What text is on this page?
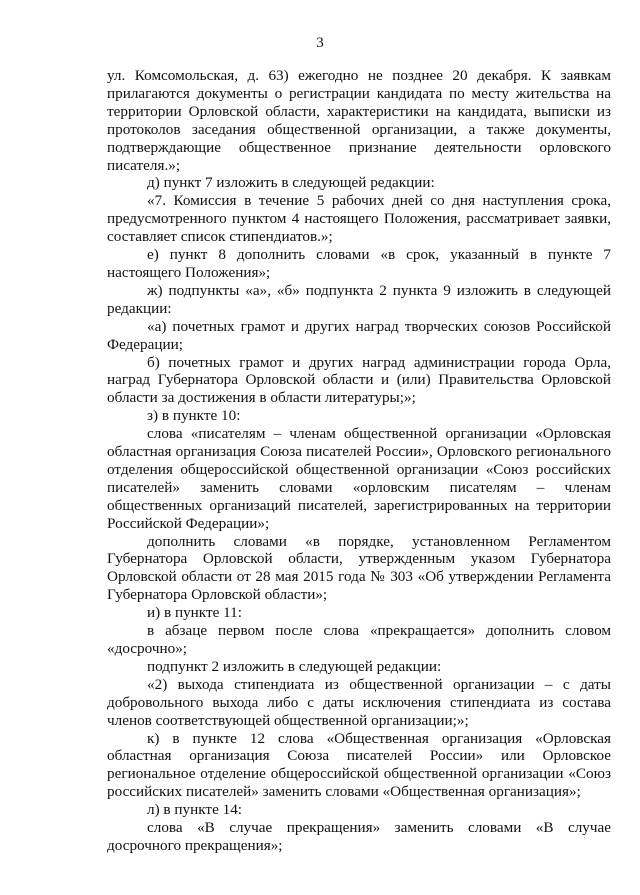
3

ул. Комсомольская, д. 63) ежегодно не позднее 20 декабря. К заявкам прилагаются документы о регистрации кандидата по месту жительства на территории Орловской области, характеристики на кандидата, выписки из протоколов заседания общественной организации, а также документы, подтверждающие общественное признание деятельности орловского писателя.»;

д) пункт 7 изложить в следующей редакции:

«7. Комиссия в течение 5 рабочих дней со дня наступления срока, предусмотренного пунктом 4 настоящего Положения, рассматривает заявки, составляет список стипендиатов.»;

е) пункт 8 дополнить словами «в срок, указанный в пункте 7 настоящего Положения»;

ж) подпункты «а», «б» подпункта 2 пункта 9 изложить в следующей редакции:

«а) почетных грамот и других наград творческих союзов Российской Федерации;

б) почетных грамот и других наград администрации города Орла, наград Губернатора Орловской области и (или) Правительства Орловской области за достижения в области литературы;»;

з) в пункте 10:

слова «писателям – членам общественной организации «Орловская областная организация Союза писателей России», Орловского регионального отделения общероссийской общественной организации «Союз российских писателей» заменить словами «орловским писателям – членам общественных организаций писателей, зарегистрированных на территории Российской Федерации»;

дополнить словами «в порядке, установленном Регламентом Губернатора Орловской области, утвержденным указом Губернатора Орловской области от 28 мая 2015 года № 303 «Об утверждении Регламента Губернатора Орловской области»;

и) в пункте 11:

в абзаце первом после слова «прекращается» дополнить словом «досрочно»;

подпункт 2 изложить в следующей редакции:

«2) выхода стипендиата из общественной организации – с даты добровольного выхода либо с даты исключения стипендиата из состава членов соответствующей общественной организации;»;

к) в пункте 12 слова «Общественная организация «Орловская областная организация Союза писателей России» или Орловское региональное отделение общероссийской общественной организации «Союз российских писателей» заменить словами «Общественная организация»;

л) в пункте 14:

слова «В случае прекращения» заменить словами «В случае досрочного прекращения»;
